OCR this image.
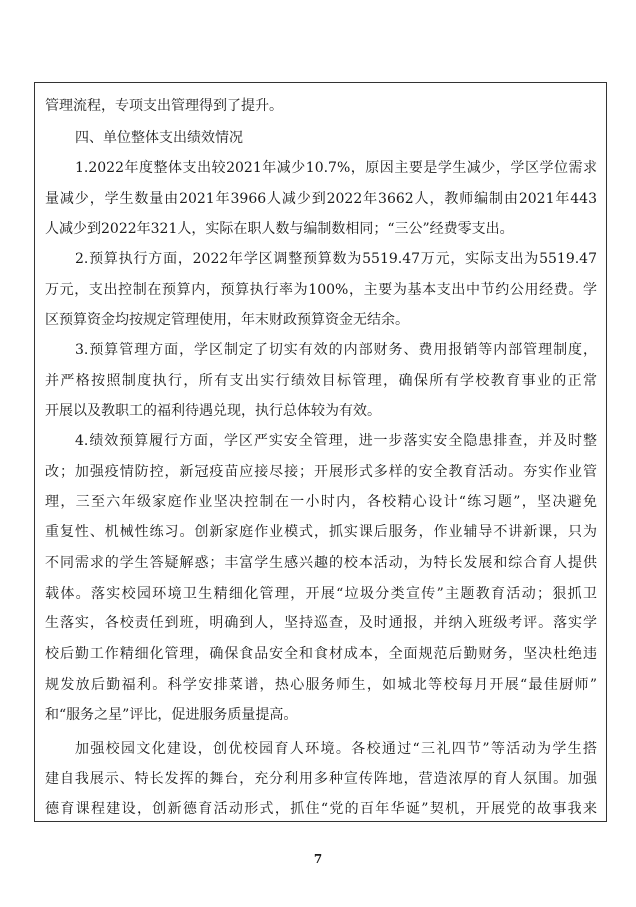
管理流程，专项支出管理得到了提升。
四、单位整体支出绩效情况
1.2022年度整体支出较2021年减少10.7%，原因主要是学生减少，学区学位需求
量减少，学生数量由2021年3966人减少到2022年3662人，教师编制由2021年443
人减少到2022年321人，实际在职人数与编制数相同；“三公”经费零支出。
2.预算执行方面，2022年学区调整预算数为5519.47万元，实际支出为5519.47
万元，支出控制在预算内，预算执行率为100%，主要为基本支出中节约公用经费。学
区预算资金均按规定管理使用，年末财政预算资金无结余。
3.预算管理方面，学区制定了切实有效的内部财务、费用报销等内部管理制度，
并严格按照制度执行，所有支出实行绩效目标管理，确保所有学校教育事业的正常
开展以及教职工的福利待遇兑现，执行总体较为有效。
4.绩效预算履行方面，学区严实安全管理，进一步落实安全隐患排查，并及时整
改；加强疫情防控，新冠疫苗应接尽接；开展形式多样的安全教育活动。夯实作业管
理，三至六年级家庭作业坚决控制在一小时内，各校精心设计“练习题”，坚决避免
重复性、机械性练习。创新家庭作业模式，抓实课后服务，作业辅导不讲新课，只为
不同需求的学生答疑解惑；丰富学生感兴趣的校本活动，为特长发展和综合育人提供
载体。落实校园环境卫生精细化管理，开展“垃圾分类宣传”主题教育活动；狠抓卫
生落实，各校责任到班，明确到人，坚持巡查，及时通报，并纳入班级考评。落实学
校后勤工作精细化管理，确保食品安全和食材成本，全面规范后勤财务，坚决杜绝违
规发放后勤福利。科学安排菜谱，热心服务师生，如城北等校每月开展“最佳厨师”
和“服务之星”评比，促进服务质量提高。
加强校园文化建设，创优校园育人环境。各校通过“三礼四节”等活动为学生搭
建自我展示、特长发挥的舞台，充分利用多种宣传阵地，营造浓厚的育人氛围。加强
德育课程建设，创新德育活动形式，抓住“党的百年华诞”契机，开展党的故事我来
7
